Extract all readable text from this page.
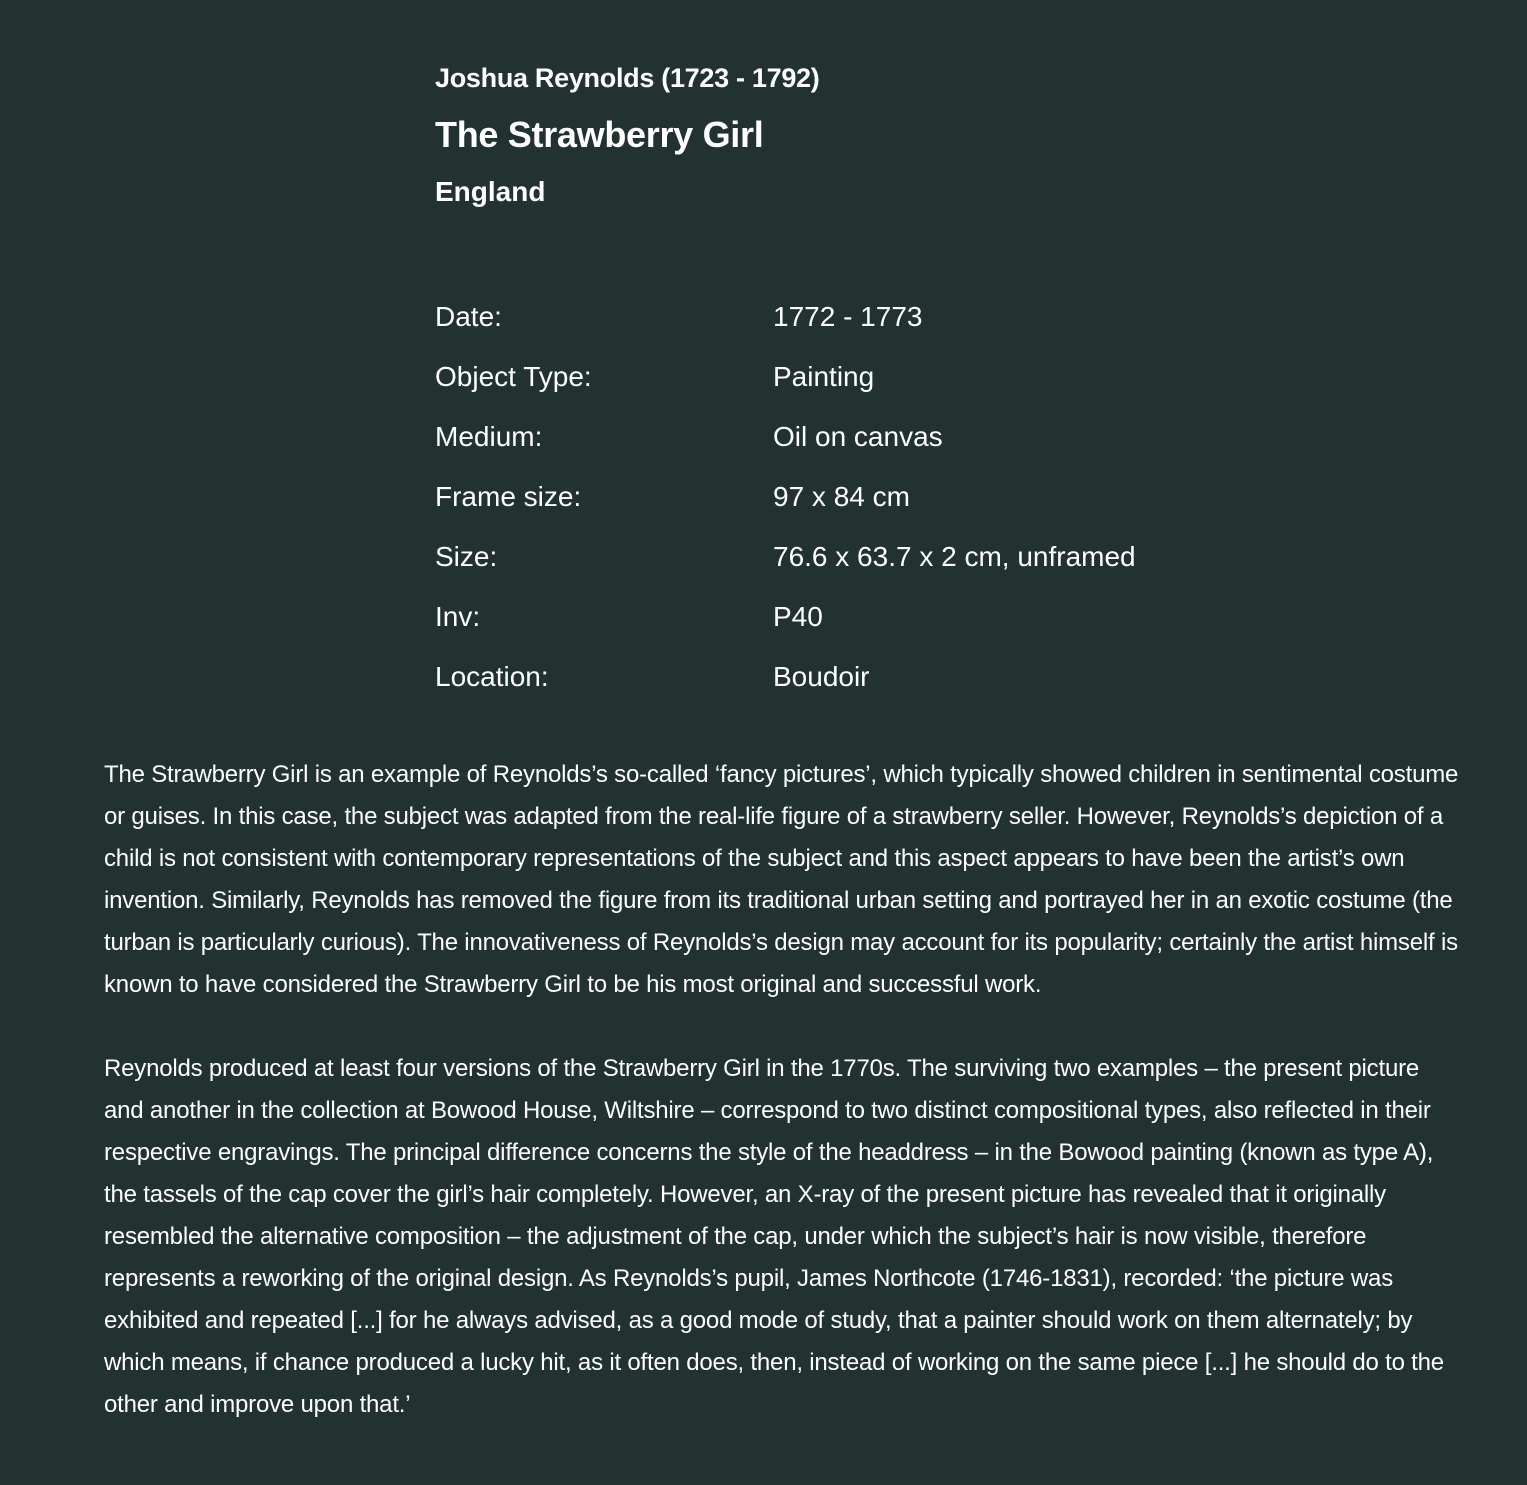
Joshua Reynolds (1723 - 1792)
The Strawberry Girl
England
Date:	1772 - 1773
Object Type:	Painting
Medium:	Oil on canvas
Frame size:	97 x 84 cm
Size:	76.6 x 63.7 x 2 cm, unframed
Inv:	P40
Location:	Boudoir

The Strawberry Girl is an example of Reynolds’s so-called ‘fancy pictures’, which typically showed children in sentimental costume or guises. In this case, the subject was adapted from the real-life figure of a strawberry seller. However, Reynolds’s depiction of a child is not consistent with contemporary representations of the subject and this aspect appears to have been the artist’s own invention. Similarly, Reynolds has removed the figure from its traditional urban setting and portrayed her in an exotic costume (the turban is particularly curious). The innovativeness of Reynolds’s design may account for its popularity; certainly the artist himself is known to have considered the Strawberry Girl to be his most original and successful work.

Reynolds produced at least four versions of the Strawberry Girl in the 1770s. The surviving two examples – the present picture and another in the collection at Bowood House, Wiltshire – correspond to two distinct compositional types, also reflected in their respective engravings. The principal difference concerns the style of the headdress – in the Bowood painting (known as type A), the tassels of the cap cover the girl’s hair completely. However, an X-ray of the present picture has revealed that it originally resembled the alternative composition – the adjustment of the cap, under which the subject’s hair is now visible, therefore represents a reworking of the original design. As Reynolds’s pupil, James Northcote (1746-1831), recorded: ‘the picture was exhibited and repeated [...] for he always advised, as a good mode of study, that a painter should work on them alternately; by which means, if chance produced a lucky hit, as it often does, then, instead of working on the same piece [...] he should do to the other and improve upon that.’
